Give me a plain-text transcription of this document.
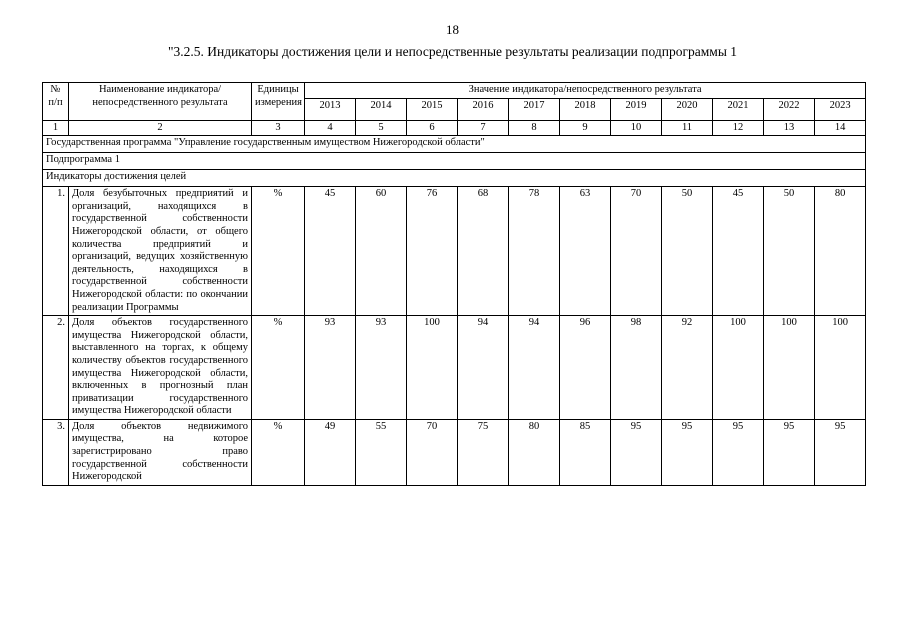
18
"3.2.5. Индикаторы достижения цели и непосредственные результаты реализации подпрограммы 1
№ п/п	Наименование индикатора/непосредственного результата	Единицы измерения	Значение индикатора/непосредственного результата										
			2013	2014	2015	2016	2017	2018	2019	2020	2021	2022	2023
1	2	3	4	5	6	7	8	9	10	11	12	13	14
Государственная программа "Управление государственным имуществом Нижегородской области"													
Подпрограмма 1													
Индикаторы достижения целей													
1.	Доля безубыточных предприятий и организаций, находящихся в государственной собственности Нижегородской области, от общего количества предприятий и организаций, ведущих хозяйственную деятельность, находящихся в государственной собственности Нижегородской области: по окончании реализации Программы	%	45	60	76	68	78	63	70	50	45	50	80
2.	Доля объектов государственного имущества Нижегородской области, выставленного на торгах, к общему количеству объектов государственного имущества Нижегородской области, включенных в прогнозный план приватизации государственного имущества Нижегородской области	%	93	93	100	94	94	96	98	92	100	100	100
3.	Доля объектов недвижимого имущества, на которое зарегистрировано право государственной собственности Нижегородской	%	49	55	70	75	80	85	95	95	95	95	95
